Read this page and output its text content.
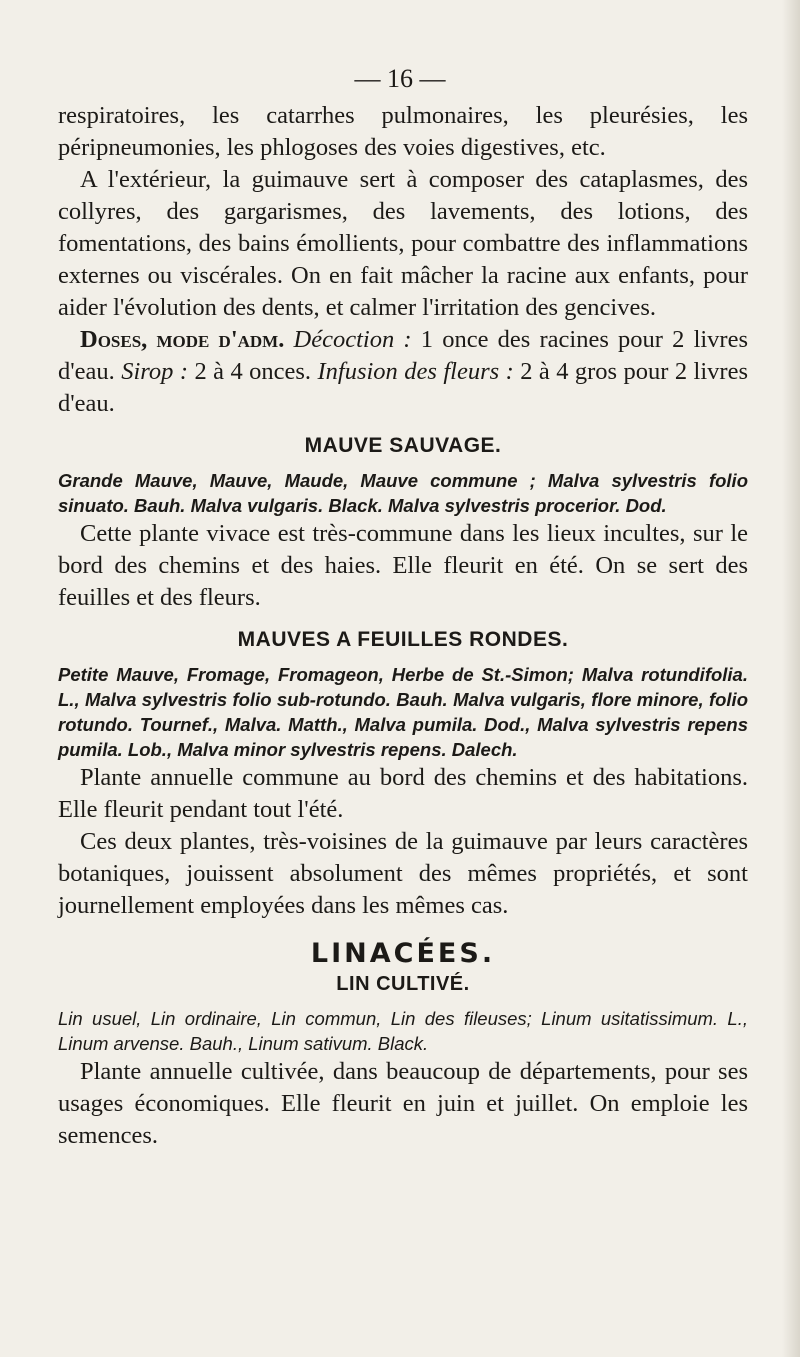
— 16 —

respiratoires, les catarrhes pulmonaires, les pleurésies, les péripneumonies, les phlogoses des voies digestives, etc.

A l'extérieur, la guimauve sert à composer des cataplasmes, des collyres, des gargarismes, des lavements, des lotions, des fomentations, des bains émollients, pour combattre des inflammations externes ou viscérales. On en fait mâcher la racine aux enfants, pour aider l'évolution des dents, et calmer l'irritation des gencives.

Doses, mode d'adm. Décoction : 1 once des racines pour 2 livres d'eau. Sirop : 2 à 4 onces. Infusion des fleurs : 2 à 4 gros pour 2 livres d'eau.

MAUVE SAUVAGE.

Grande Mauve, Mauve, Maude, Mauve commune ; Malva sylvestris folio sinuato. Bauh. Malva vulgaris. Black. Malva sylvestris procerior. Dod.

Cette plante vivace est très-commune dans les lieux incultes, sur le bord des chemins et des haies. Elle fleurit en été. On se sert des feuilles et des fleurs.

MAUVES A FEUILLES RONDES.

Petite Mauve, Fromage, Fromageon, Herbe de St.-Simon; Malva rotundifolia. L., Malva sylvestris folio sub-rotundo. Bauh. Malva vulgaris, flore minore, folio rotundo. Tournef., Malva. Matth., Malva pumila. Dod., Malva sylvestris repens pumila. Lob., Malva minor sylvestris repens. Dalech.

Plante annuelle commune au bord des chemins et des habitations. Elle fleurit pendant tout l'été.

Ces deux plantes, très-voisines de la guimauve par leurs caractères botaniques, jouissent absolument des mêmes propriétés, et sont journellement employées dans les mêmes cas.

LINACÉES.
LIN CULTIVÉ.

Lin usuel, Lin ordinaire, Lin commun, Lin des fileuses; Linum usitatissimum. L., Linum arvense. Bauh., Linum sativum. Black.

Plante annuelle cultivée, dans beaucoup de départements, pour ses usages économiques. Elle fleurit en juin et juillet. On emploie les semences.
